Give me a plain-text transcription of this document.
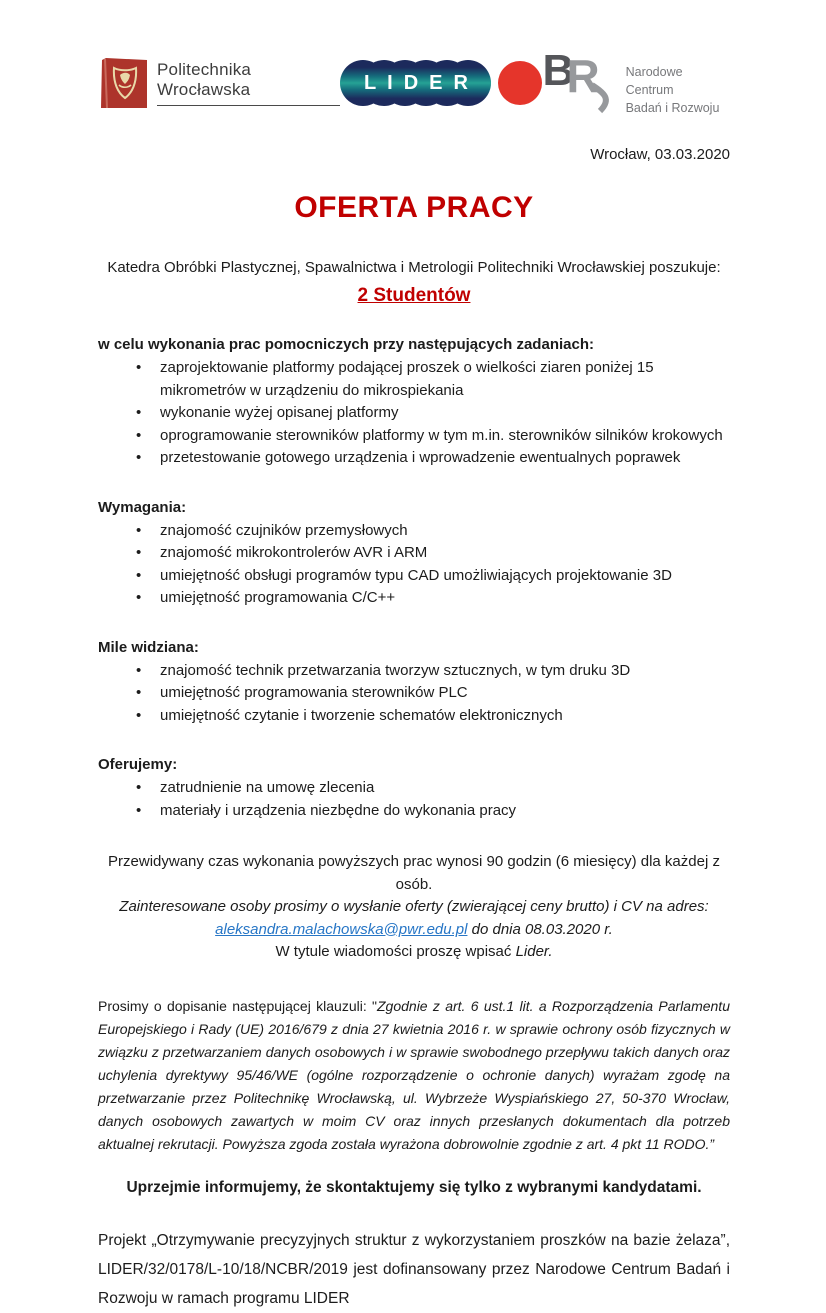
Politechnika Wrocławska	LIDER B
R Narodowe Centrum
Badań i Rozwoju
Wrocław, 03.03.2020
OFERTA PRACY

Katedra Obróbki Plastycznej, Spawalnictwa i Metrologii Politechniki Wrocławskiej poszukuje:

2 Studentów

w celu wykonania prac pomocniczych przy następujących zadaniach:

• zaprojektowanie platformy podającej proszek o wielkości ziaren poniżej 15 mikrometrów w urządzeniu do mikrospiekania
• wykonanie wyżej opisanej platformy
• oprogramowanie sterowników platformy w tym m.in. sterowników silników krokowych
• przetestowanie gotowego urządzenia i wprowadzenie ewentualnych poprawek

Wymagania:

• znajomość czujników przemysłowych
• znajomość mikrokontrolerów AVR i ARM
• umiejętność obsługi programów typu CAD umożliwiających projektowanie 3D
• umiejętność programowania C/C++

Mile widziana:

• znajomość technik przetwarzania tworzyw sztucznych, w tym druku 3D
• umiejętność programowania sterowników PLC
• umiejętność czytanie i tworzenie schematów elektronicznych

Oferujemy:

• zatrudnienie na umowę zlecenia
• materiały i urządzenia niezbędne do wykonania pracy

Przewidywany czas wykonania powyższych prac wynosi 90 godzin (6 miesięcy) dla każdej z osób.

Zainteresowane osoby prosimy o wysłanie oferty (zwierającej ceny brutto) i CV na adres:

aleksandra.malachowska@pwr.edu.pl do dnia 08.03.2020 r.

W tytule wiadomości proszę wpisać Lider.

Prosimy o dopisanie następującej klauzuli: "Zgodnie z art. 6 ust.1 lit. a Rozporządzenia Parlamentu Europejskiego i Rady (UE) 2016/679 z dnia 27 kwietnia 2016 r. w sprawie ochrony osób fizycznych w związku z przetwarzaniem danych osobowych i w sprawie swobodnego przepływu takich danych oraz uchylenia dyrektywy 95/46/WE (ogólne rozporządzenie o ochronie danych) wyrażam zgodę na przetwarzanie przez Politechnikę Wrocławską, ul. Wybrzeże Wyspiańskiego 27, 50-370 Wrocław, danych osobowych zawartych w moim CV oraz innych przesłanych dokumentach dla potrzeb aktualnej rekrutacji. Powyższa zgoda została wyrażona dobrowolnie zgodnie z art. 4 pkt 11 RODO.”

Uprzejmie informujemy, że skontaktujemy się tylko z wybranymi kandydatami.

Projekt „Otrzymywanie precyzyjnych struktur z wykorzystaniem proszków na bazie żelaza”, LIDER/32/0178/L-10/18/NCBR/2019 jest dofinansowany przez Narodowe Centrum Badań i Rozwoju w ramach programu LIDER
